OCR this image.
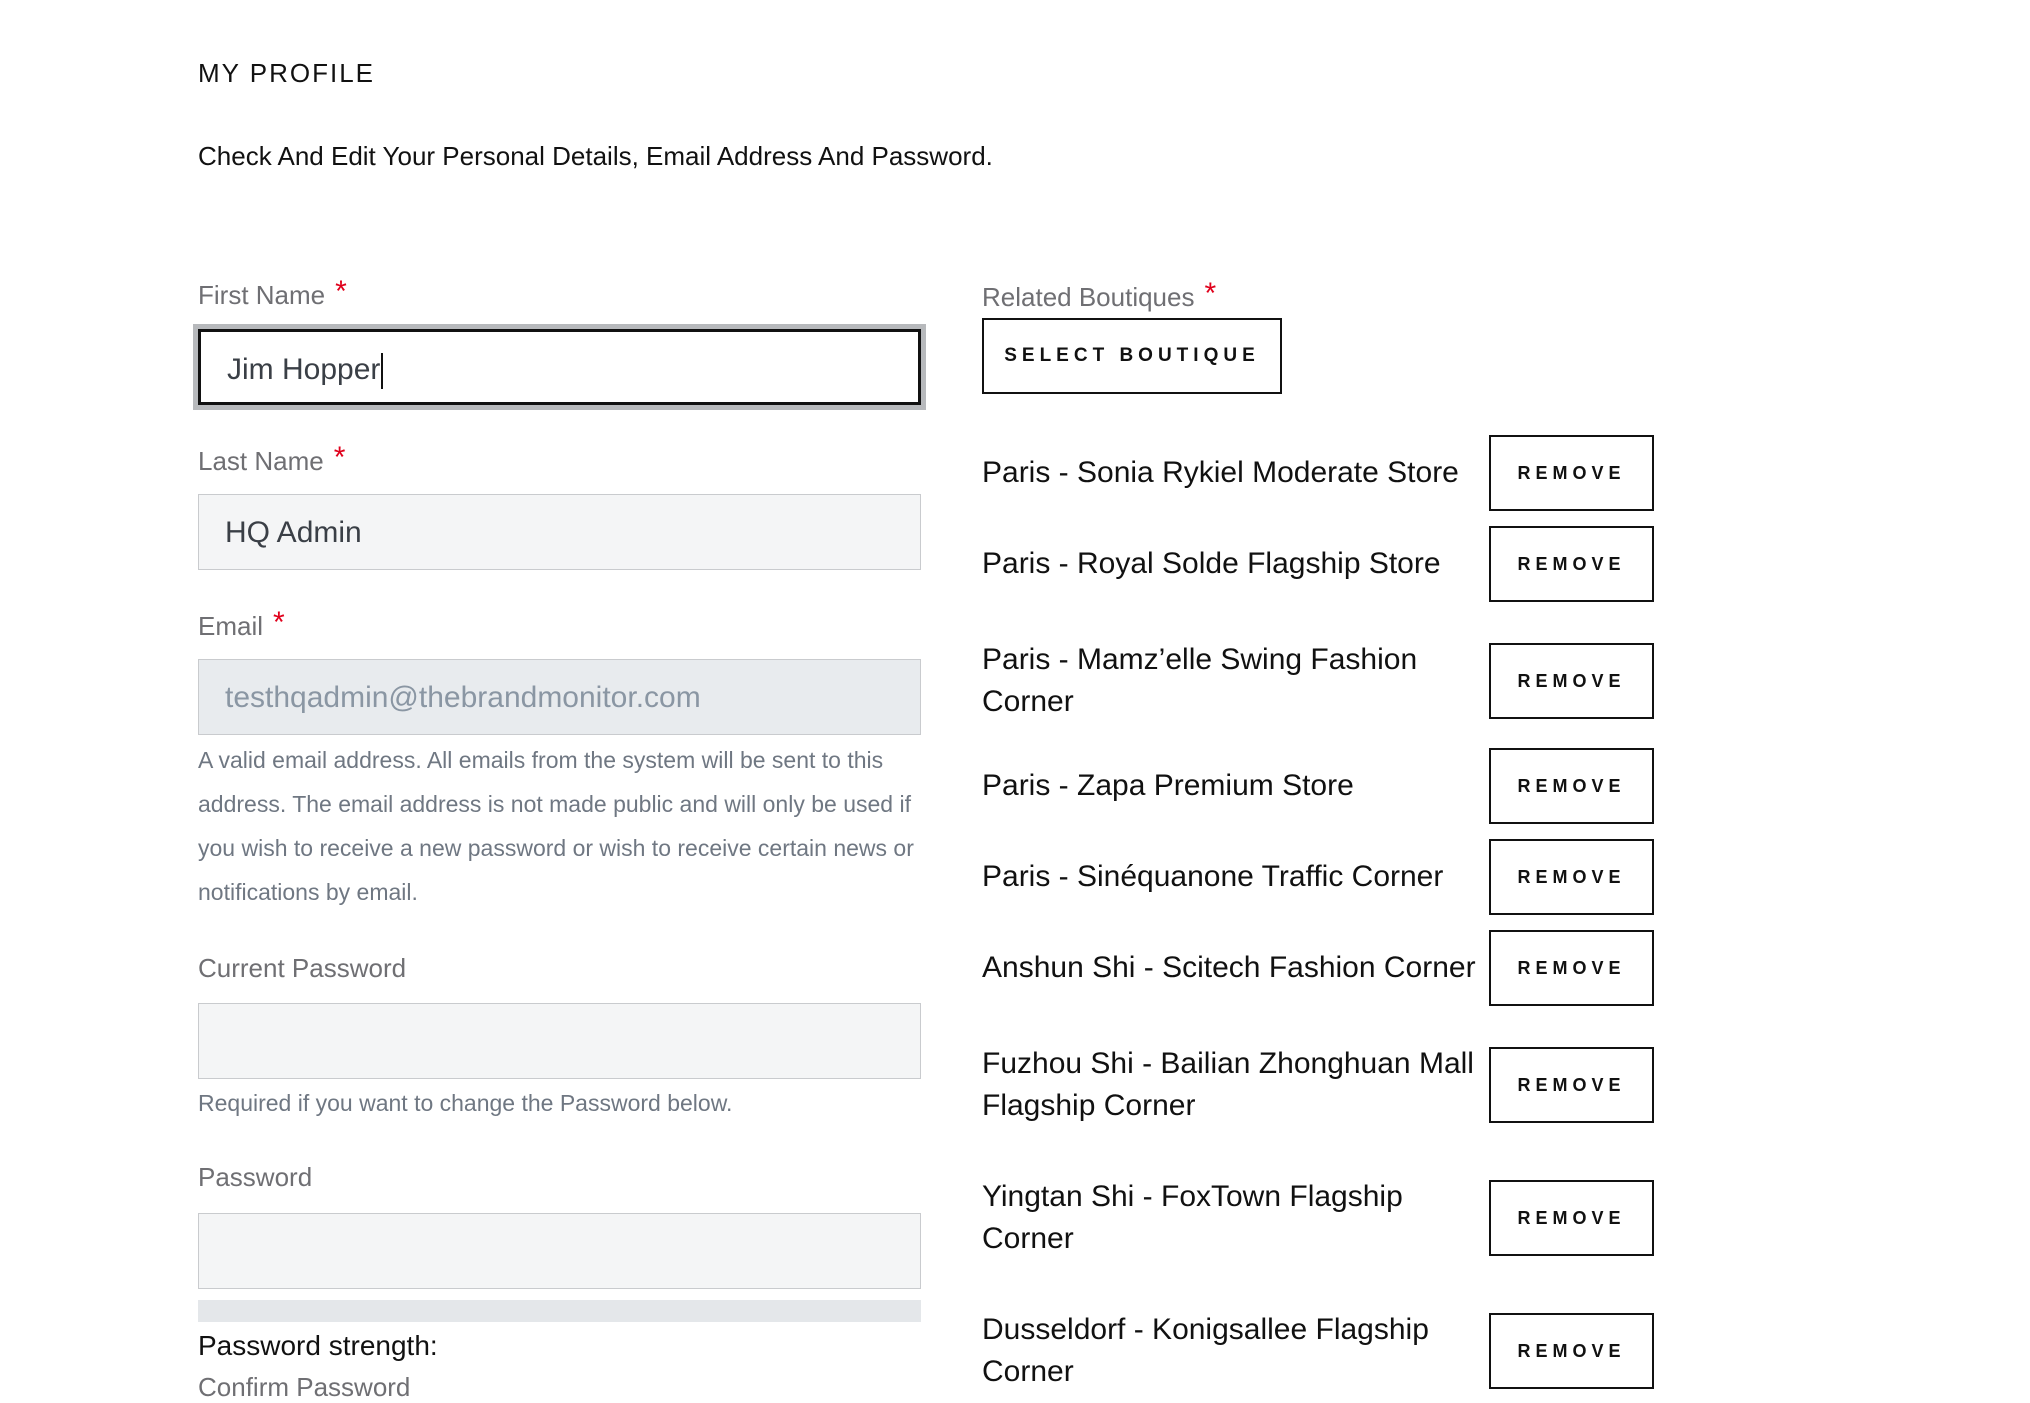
MY PROFILE
Check And Edit Your Personal Details, Email Address And Password.
First Name *
Jim Hopper
Last Name *
HQ Admin
Email *
testhqadmin@thebrandmonitor.com
A valid email address. All emails from the system will be sent to this address. The email address is not made public and will only be used if you wish to receive a new password or wish to receive certain news or notifications by email.
Current Password
Required if you want to change the Password below.
Password
Password strength:
Confirm Password
Related Boutiques *
SELECT BOUTIQUE
Paris - Sonia Rykiel Moderate Store	REMOVE
Paris - Royal Solde Flagship Store	REMOVE
Paris - Mamz’elle Swing Fashion Corner
REMOVE
Paris - Zapa Premium Store	REMOVE
Paris - Sinéquanone Traffic Corner	REMOVE
Anshun Shi - Scitech Fashion Corner	REMOVE
Fuzhou Shi - Bailian Zhonghuan Mall Flagship Corner
REMOVE
Yingtan Shi - FoxTown Flagship Corner
REMOVE
Dusseldorf - Konigsallee Flagship Corner
REMOVE
